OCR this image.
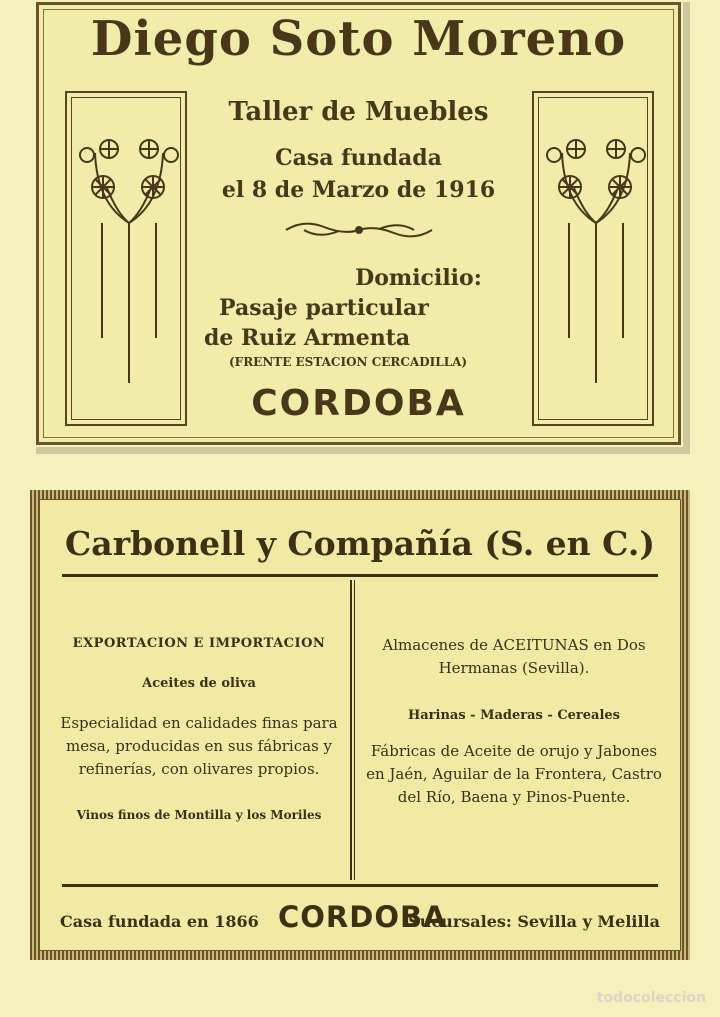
Diego Soto Moreno
Taller de Muebles
Casa fundada
el 8 de Marzo de 1916
Domicilio:
Pasaje particular
de Ruiz Armenta
(FRENTE ESTACION CERCADILLA)
CORDOBA
Carbonell y Compañía (S. en C.)
EXPORTACION E IMPORTACION
Aceites de oliva
Especialidad en calidades finas para mesa, producidas en sus fábricas y refinerías, con olivares propios.
Vinos finos de Montilla y los Moriles
Almacenes de ACEITUNAS en Dos Hermanas (Sevilla).
Harinas - Maderas - Cereales
Fábricas de Aceite de orujo y Jabones en Jaén, Aguilar de la Frontera, Castro del Río, Baena y Pinos-Puente.
Casa fundada en 1866 CORDOBA
Sucursales: Sevilla y Melilla
todocoleccion
